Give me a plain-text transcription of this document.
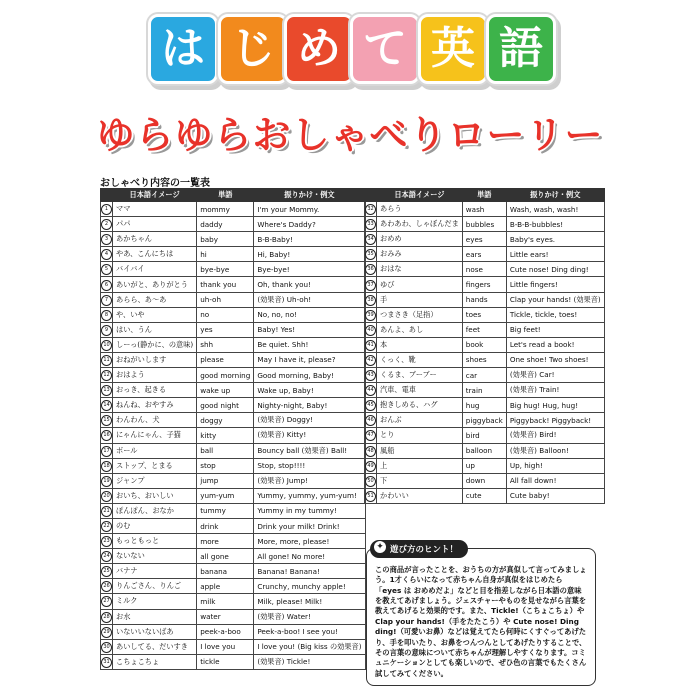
は じ め て 英 語
ゆらゆらおしゃべりローリー
おしゃべり内容の一覧表
	日本語イメージ	単語	振りかけ・例文
1	ママ	mommy	I'm your Mommy.
2	パパ	daddy	Where's Daddy?
3	あかちゃん	baby	B-B-Baby!
4	やあ、こんにちは	hi	Hi, Baby!
5	バイバイ	bye-bye	Bye-bye!
6	あいがと、ありがとう	thank you	Oh, thank you!
7	あらら、あ～あ	uh-oh	(効果音) Uh-oh!
8	や、いや	no	No, no, no!
9	はい、うん	yes	Baby! Yes!
10	しーっ(静かに、の意味)	shh	Be quiet. Shh!
11	おねがいします	please	May I have it, please?
12	おはよう	good morning	Good morning, Baby!
13	おっき、起きる	wake up	Wake up, Baby!
14	ねんね、おやすみ	good night	Nighty-night, Baby!
15	わんわん、犬	doggy	(効果音) Doggy!
16	にゃんにゃん、子猫	kitty	(効果音) Kitty!
17	ボール	ball	Bouncy ball (効果音) Ball!
18	ストップ、とまる	stop	Stop, stop!!!!
19	ジャンプ	jump	(効果音) Jump!
20	おいち、おいしい	yum-yum	Yummy, yummy, yum-yum!
21	ぽんぽん、おなか	tummy	Yummy in my tummy!
22	のむ	drink	Drink your milk! Drink!
23	もっともっと	more	More, more, please!
24	ないない	all gone	All gone! No more!
25	バナナ	banana	Banana! Banana!
26	りんごさん、りんご	apple	Crunchy, munchy apple!
27	ミルク	milk	Milk, please! Milk!
28	お水	water	(効果音) Water!
29	いないいないばあ	peek-a-boo	Peek-a-boo! I see you!
30	あいしてる、だいすき	I love you	I love you! (Big kiss の効果音)
31	こちょこちょ	tickle	(効果音) Tickle!
	日本語イメージ	単語	振りかけ・例文
32	あらう	wash	Wash, wash, wash!
33	あわあわ、しゃぼんだま	bubbles	B-B-B-bubbles!
34	おめめ	eyes	Baby's eyes.
35	おみみ	ears	Little ears!
36	おはな	nose	Cute nose! Ding ding!
37	ゆび	fingers	Little fingers!
38	手	hands	Clap your hands! (効果音)
39	つまさき（足指）	toes	Tickle, tickle, toes!
40	あんよ、あし	feet	Big feet!
41	本	book	Let's read a book!
42	くっく、靴	shoes	One shoe! Two shoes!
43	くるま、ブーブー	car	(効果音) Car!
44	汽車、電車	train	(効果音) Train!
45	抱きしめる、ハグ	hug	Big hug! Hug, hug!
46	おんぶ	piggyback	Piggyback! Piggyback!
47	とり	bird	(効果音) Bird!
48	風船	balloon	(効果音) Balloon!
49	上	up	Up, high!
50	下	down	All fall down!
51	かわいい	cute	Cute baby!
この商品が言ったことを、おうちの方が真似して言ってみましょう。1才くらいになって赤ちゃん自身が真似をはじめたら「eyes は おめめだよ」などと目を指差しながら日本語の意味を教えてあげましょう。ジェスチャーやものを見せながら言葉を教えてあげると効果的です。また、Tickle!（こちょこちょ）や Clap your hands!（手をたたこう）や Cute nose! Ding ding!（可愛いお鼻）などは覚えてたら何時にくすぐってあげたり、手を叩いたり、お鼻をつんつんとしてあげたりすることで、その言葉の意味について赤ちゃんが理解しやすくなります。コミュニケーションとしても楽しいので、ぜひ色の言葉でもたくさん試してみてください。
✦ 遊び方のヒント！
